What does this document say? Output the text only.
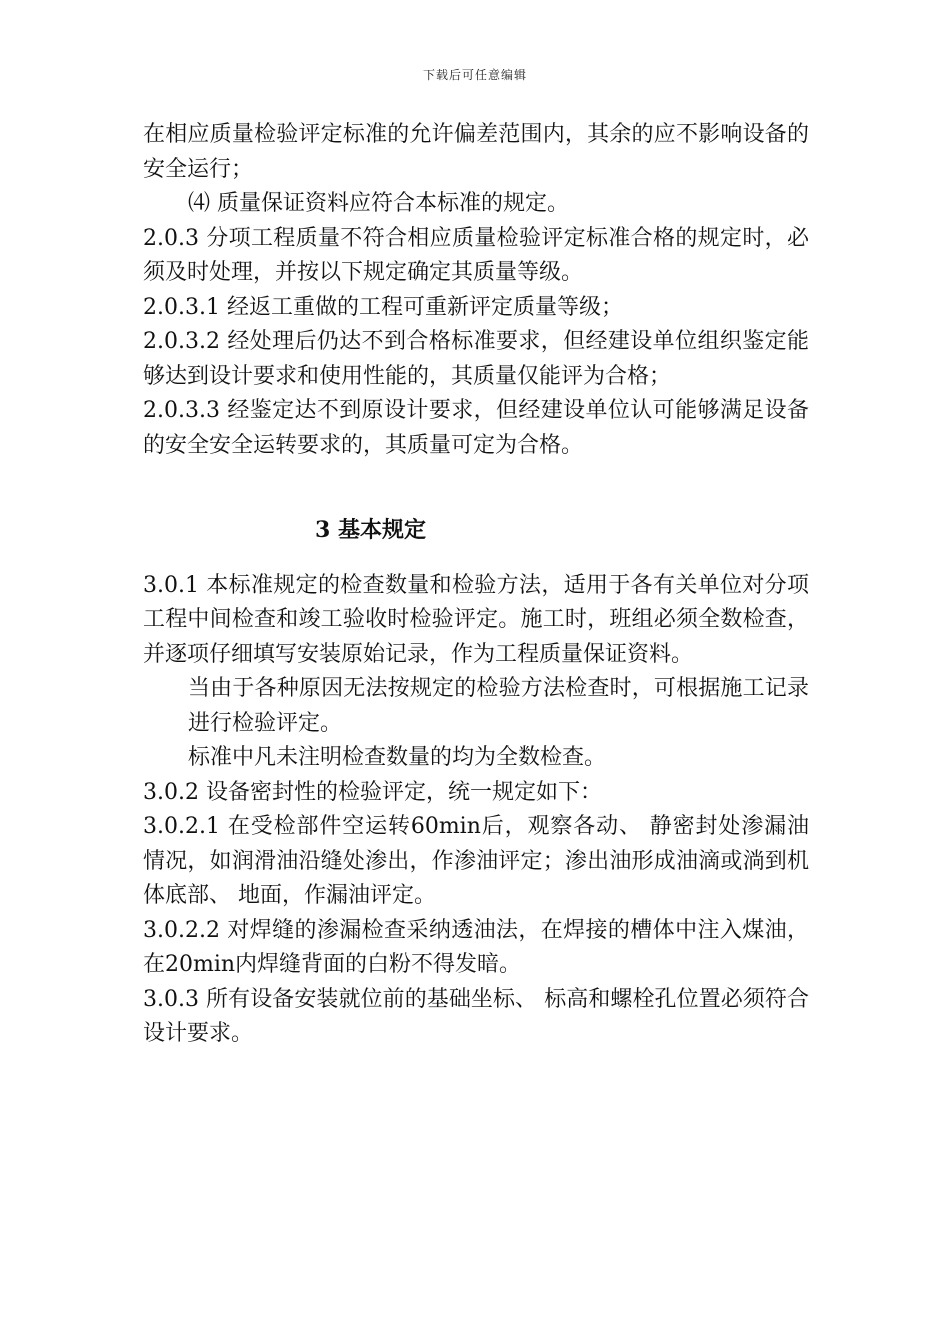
下载后可任意编辑

在相应质量检验评定标准的允许偏差范围内，其余的应不影响设备的安全运行；

⑷ 质量保证资料应符合本标准的规定。

2.0.3 分项工程质量不符合相应质量检验评定标准合格的规定时，必须及时处理，并按以下规定确定其质量等级。

2.0.3.1 经返工重做的工程可重新评定质量等级；

2.0.3.2 经处理后仍达不到合格标准要求，但经建设单位组织鉴定能够达到设计要求和使用性能的，其质量仅能评为合格；

2.0.3.3 经鉴定达不到原设计要求，但经建设单位认可能够满足设备的安全安全运转要求的，其质量可定为合格。

3 基本规定

3.0.1 本标准规定的检查数量和检验方法，适用于各有关单位对分项工程中间检查和竣工验收时检验评定。施工时，班组必须全数检查，并逐项仔细填写安装原始记录，作为工程质量保证资料。

当由于各种原因无法按规定的检验方法检查时，可根据施工记录进行检验评定。

标准中凡未注明检查数量的均为全数检查。

3.0.2 设备密封性的检验评定，统一规定如下：

3.0.2.1 在受检部件空运转60min后，观察各动、 静密封处渗漏油情况，如润滑油沿缝处渗出，作渗油评定；渗出油形成油滴或淌到机体底部、 地面，作漏油评定。

3.0.2.2 对焊缝的渗漏检查采纳透油法，在焊接的槽体中注入煤油，在20min内焊缝背面的白粉不得发暗。

3.0.3 所有设备安装就位前的基础坐标、 标高和螺栓孔位置必须符合设计要求。
